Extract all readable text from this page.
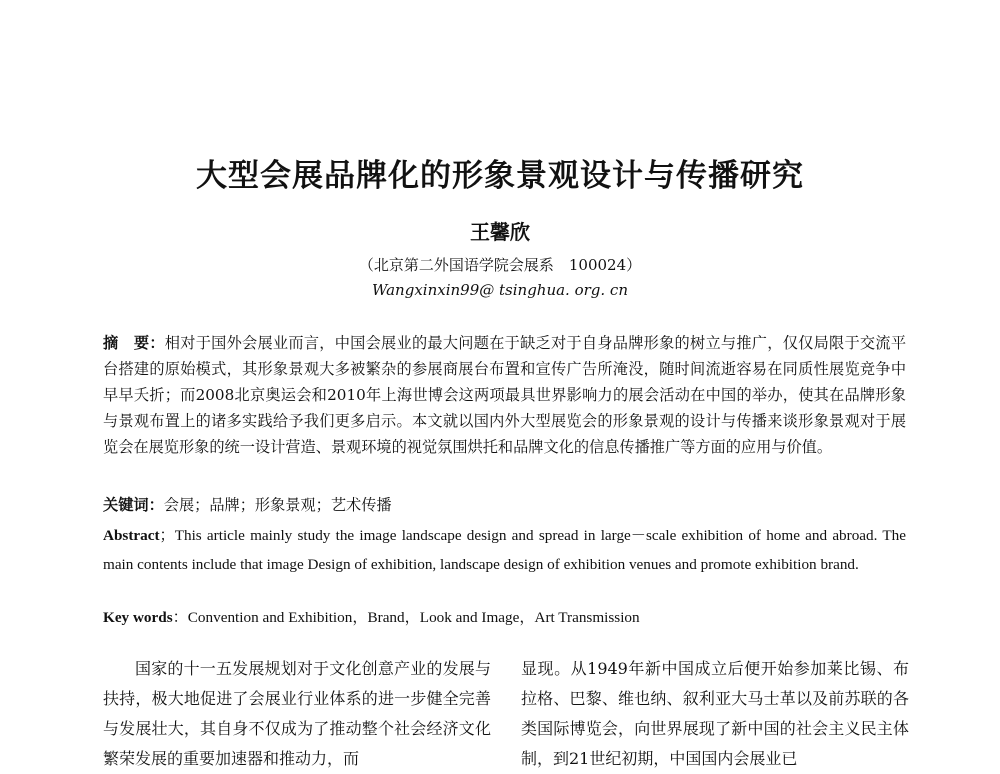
大型会展品牌化的形象景观设计与传播研究
王馨欣
（北京第二外国语学院会展系　100024）
Wangxinxin99@ tsinghua. org. cn
摘　要：相对于国外会展业而言，中国会展业的最大问题在于缺乏对于自身品牌形象的树立与推广，仅仅局限于交流平台搭建的原始模式，其形象景观大多被繁杂的参展商展台布置和宣传广告所淹没，随时间流逝容易在同质性展览竞争中早早夭折；而2008北京奥运会和2010年上海世博会这两项最具世界影响力的展会活动在中国的举办，使其在品牌形象与景观布置上的诸多实践给予我们更多启示。本文就以国内外大型展览会的形象景观的设计与传播来谈形象景观对于展览会在展览形象的统一设计营造、景观环境的视觉氛围烘托和品牌文化的信息传播推广等方面的应用与价值。
关键词：会展；品牌；形象景观；艺术传播
Abstract；This article mainly study the image landscape design and spread in large－scale exhibition of home and abroad. The main contents include that image Design of exhibition, landscape design of exhibition venues and promote exhibition brand.
Key words：Convention and Exhibition，Brand，Look and Image，Art Transmission

国家的十一五发展规划对于文化创意产业的发展与扶持，极大地促进了会展业行业体系的进一步健全完善与发展壮大，其自身不仅成为了推动整个社会经济文化繁荣发展的重要加速器和推动力，而

显现。从1949年新中国成立后便开始参加莱比锡、布拉格、巴黎、维也纳、叙利亚大马士革以及前苏联的各类国际博览会，向世界展现了新中国的社会主义民主体制，到21世纪初期，中国国内会展业已
